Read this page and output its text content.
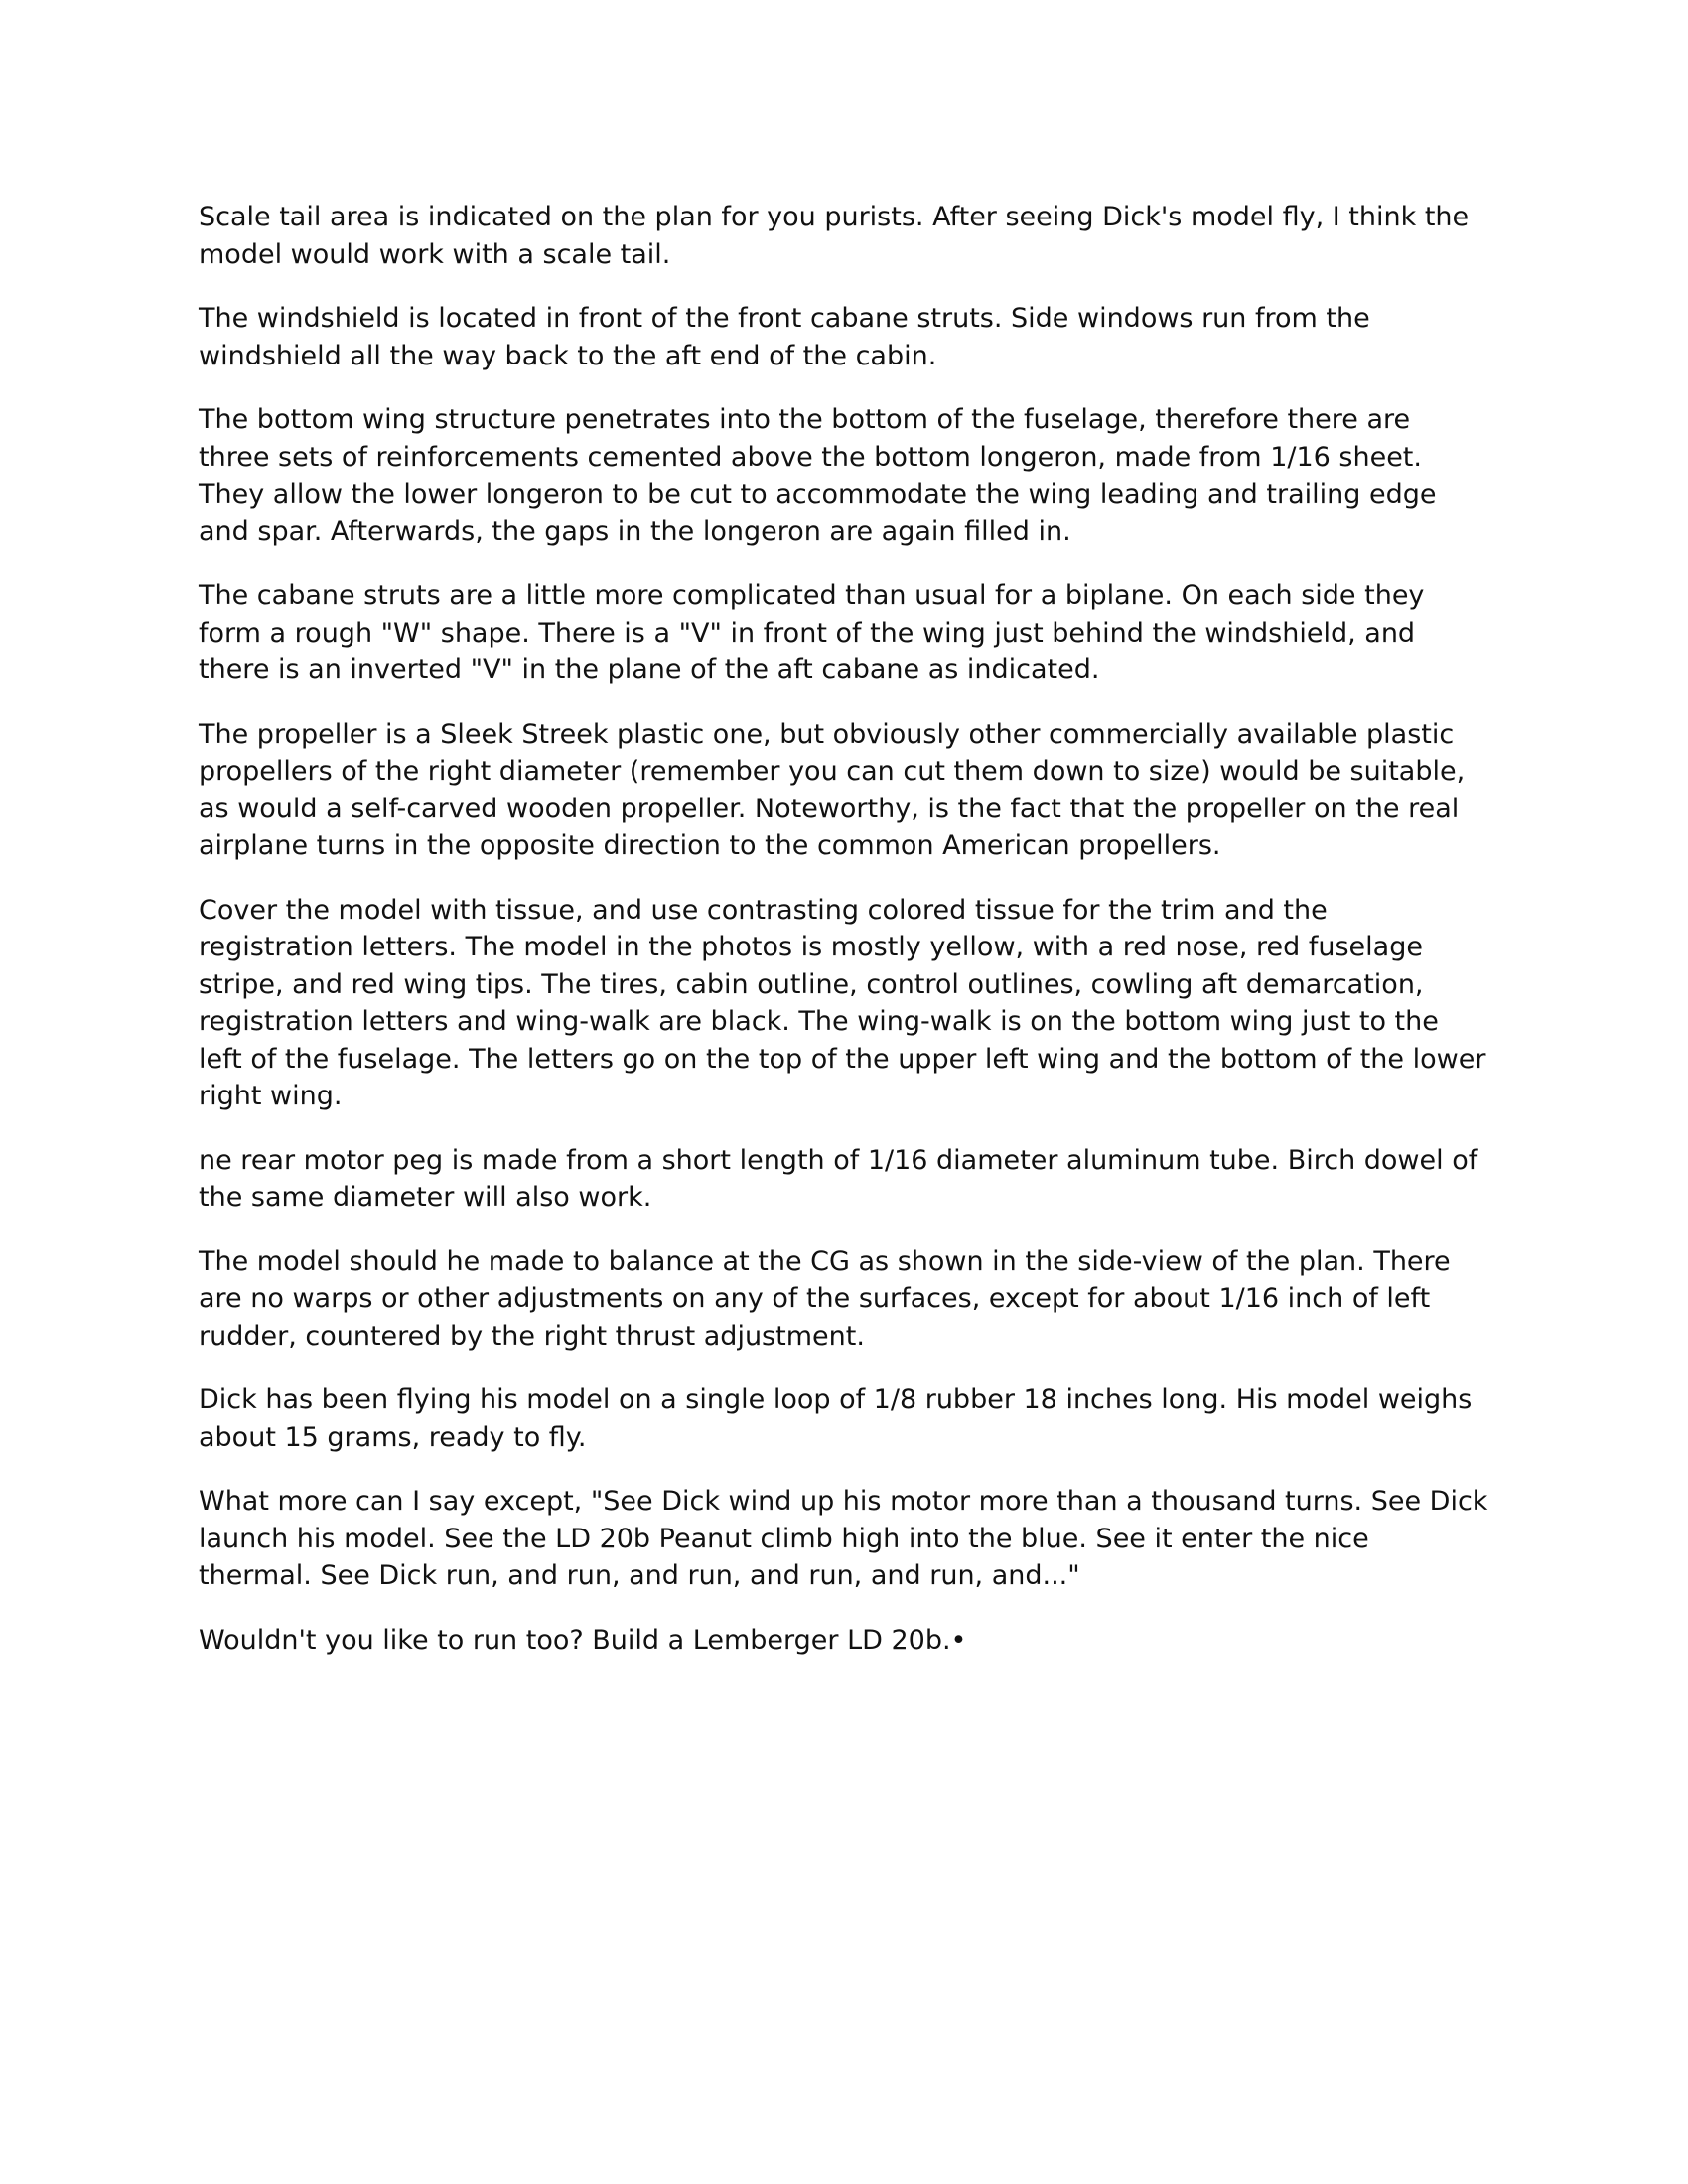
Scale tail area is indicated on the plan for you purists. After seeing Dick's model fly, I think the model would work with a scale tail.

The windshield is located in front of the front cabane struts. Side windows run from the windshield all the way back to the aft end of the cabin.

The bottom wing structure penetrates into the bottom of the fuselage, therefore there are three sets of reinforcements cemented above the bottom longeron, made from 1/16 sheet. They allow the lower longeron to be cut to accommodate the wing leading and trailing edge and spar. Afterwards, the gaps in the longeron are again filled in.

The cabane struts are a little more complicated than usual for a biplane. On each side they form a rough "W" shape. There is a "V" in front of the wing just behind the windshield, and there is an inverted "V" in the plane of the aft cabane as indicated.

The propeller is a Sleek Streek plastic one, but obviously other commercially available plastic propellers of the right diameter (remember you can cut them down to size) would be suitable, as would a self-carved wooden propeller. Noteworthy, is the fact that the propeller on the real airplane turns in the opposite direction to the common American propellers.

Cover the model with tissue, and use contrasting colored tissue for the trim and the registration letters. The model in the photos is mostly yellow, with a red nose, red fuselage stripe, and red wing tips. The tires, cabin outline, control outlines, cowling aft demarcation, registration letters and wing-walk are black. The wing-walk is on the bottom wing just to the left of the fuselage. The letters go on the top of the upper left wing and the bottom of the lower right wing.

ne rear motor peg is made from a short length of 1/16 diameter aluminum tube. Birch dowel of the same diameter will also work.

The model should he made to balance at the CG as shown in the side-view of the plan. There are no warps or other adjustments on any of the surfaces, except for about 1/16 inch of left rudder, countered by the right thrust adjustment.

Dick has been flying his model on a single loop of 1/8 rubber 18 inches long. His model weighs about 15 grams, ready to fly.

What more can I say except, "See Dick wind up his motor more than a thousand turns. See Dick launch his model. See the LD 20b Peanut climb high into the blue. See it enter the nice thermal. See Dick run, and run, and run, and run, and run, and..."

Wouldn't you like to run too? Build a Lemberger LD 20b.•
